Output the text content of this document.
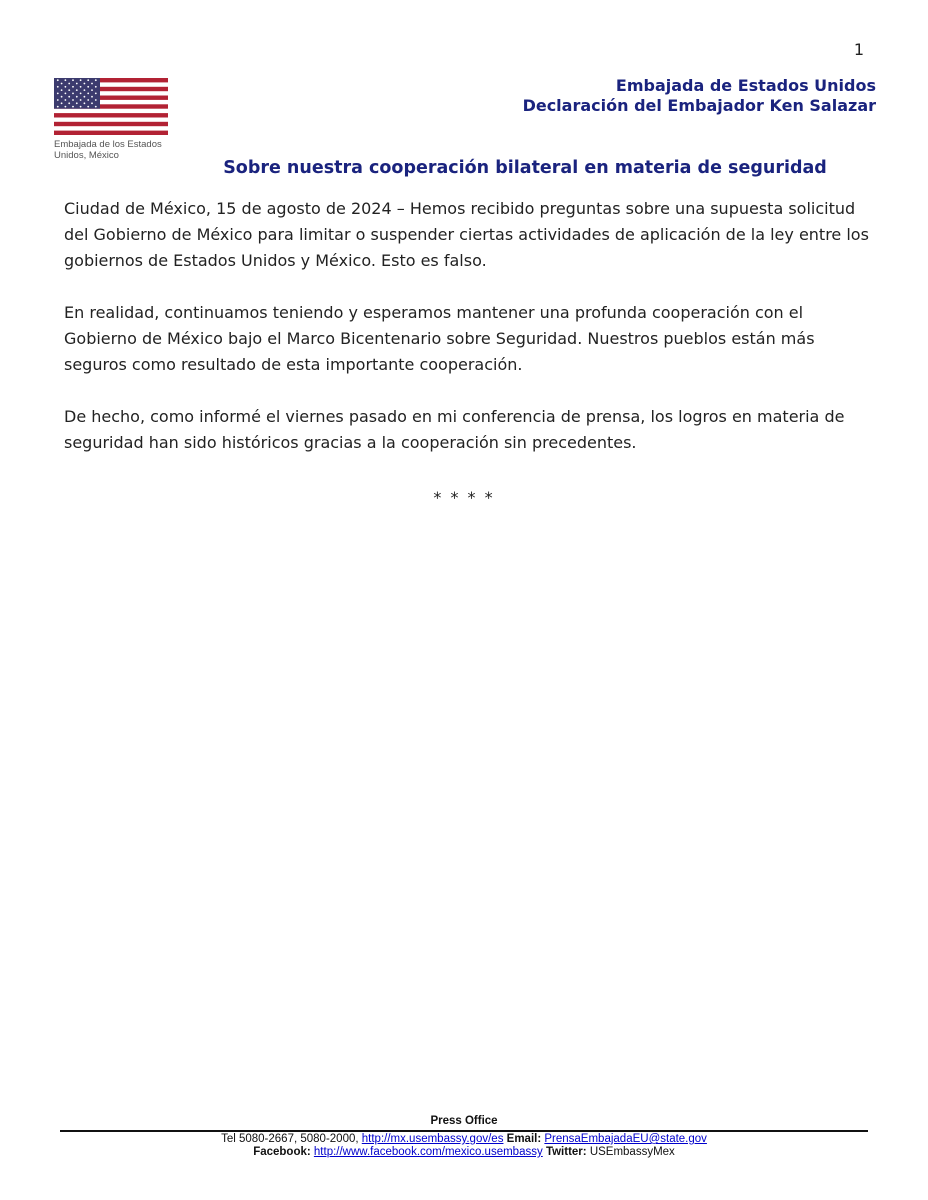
1
Embajada de los Estados
Unidos, México
Embajada de Estados Unidos
Declaración del Embajador Ken Salazar
Sobre nuestra cooperación bilateral en materia de seguridad

Ciudad de México, 15 de agosto de 2024 – Hemos recibido preguntas sobre una supuesta solicitud del Gobierno de México para limitar o suspender ciertas actividades de aplicación de la ley entre los gobiernos de Estados Unidos y México. Esto es falso.

En realidad, continuamos teniendo y esperamos mantener una profunda cooperación con el Gobierno de México bajo el Marco Bicentenario sobre Seguridad. Nuestros pueblos están más seguros como resultado de esta importante cooperación.

De hecho, como informé el viernes pasado en mi conferencia de prensa, los logros en materia de seguridad han sido históricos gracias a la cooperación sin precedentes.

* * * *
Press Office
Tel 5080-2667, 5080-2000, http://mx.usembassy.gov/es Email: PrensaEmbajadaEU@state.gov
Facebook: http://www.facebook.com/mexico.usembassy Twitter: USEmbassyMex
